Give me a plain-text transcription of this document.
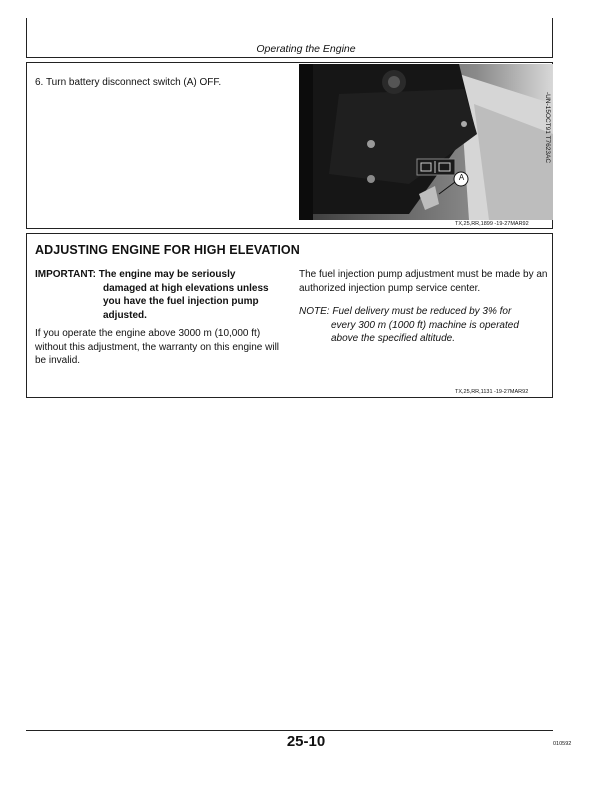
Operating the Engine
6. Turn battery disconnect switch (A) OFF.
A
-UN-15OCT91 T7623AC
TX,25,RR,1899 -19-27MAR92
ADJUSTING ENGINE FOR HIGH ELEVATION
IMPORTANT: The engine may be seriously
damaged at high elevations unless
you have the fuel injection pump
adjusted.
If you operate the engine above 3000 m (10,000 ft) without this adjustment, the warranty on this engine will be invalid.
The fuel injection pump adjustment must be made by an authorized injection pump service center.
NOTE: Fuel delivery must be reduced by 3% for
every 300 m (1000 ft) machine is operated
above the specified altitude.
TX,25,RR,1131 -19-27MAR92
25-10	010592
